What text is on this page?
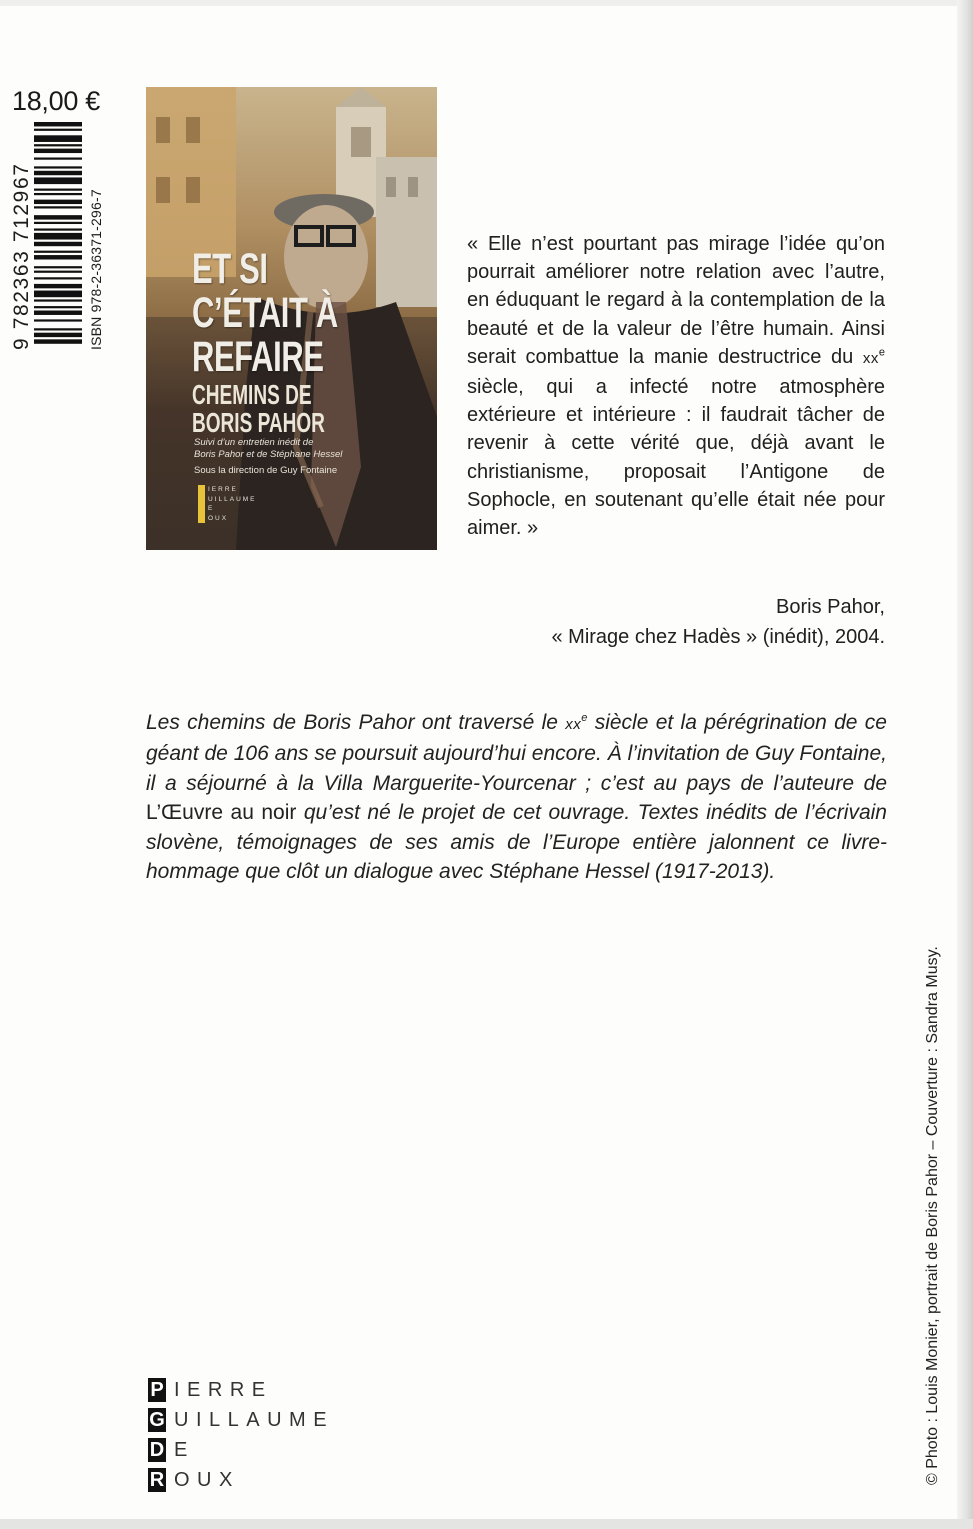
18,00 €
9 782363 712967	ISBN 978-2-36371-296-7 ET SI
C’ÉTAIT À
REFAIRE
CHEMINS DE
BORIS PAHOR
Suivi d’un entretien inédit de
Boris Pahor et de Stéphane Hessel
Sous la direction de Guy Fontaine
IERRE
UILLAUME
E
OUX
« Elle n’est pourtant pas mirage l’idée qu’on pourrait améliorer notre relation avec l’autre, en éduquant le regard à la contemplation de la beauté et de la valeur de l’être humain. Ainsi serait combattue la manie destructrice du $xx^e$ siècle, qui a infecté notre atmosphère extérieure et intérieure : il faudrait tâcher de revenir à cette vérité que, déjà avant le christianisme, proposait l’Antigone de Sophocle, en soutenant qu’elle était née pour aimer. »
Boris Pahor,
« Mirage chez Hadès » (inédit), 2004.
Les chemins de Boris Pahor ont traversé le $xx^e$ siècle et la pérégrination de ce géant de 106 ans se poursuit aujourd’hui encore. À l’invitation de Guy Fontaine, il a séjourné à la Villa Marguerite-Yourcenar ; c’est au pays de l’auteure de L’Œuvre au noir qu’est né le projet de cet ouvrage. Textes inédits de l’écrivain slovène, témoignages de ses amis de l’Europe entière jalonnent ce livre-hommage que clôt un dialogue avec Stéphane Hessel (1917-2013).
P IERRE
G UILLAUME
D E
R OUX	© Photo : Louis Monier, portrait de Boris Pahor – Couverture : Sandra Musy.
